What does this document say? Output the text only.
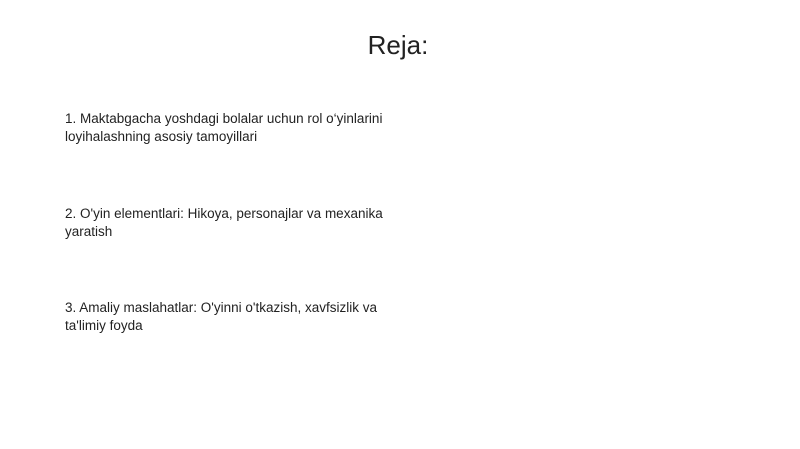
Reja:
1. Maktabgacha yoshdagi bolalar uchun rol o‘yinlarini loyihalashning asosiy tamoyillari
2. O'yin elementlari: Hikoya, personajlar va mexanika yaratish
3. Amaliy maslahatlar: O'yinni o'tkazish, xavfsizlik va ta'limiy foyda
